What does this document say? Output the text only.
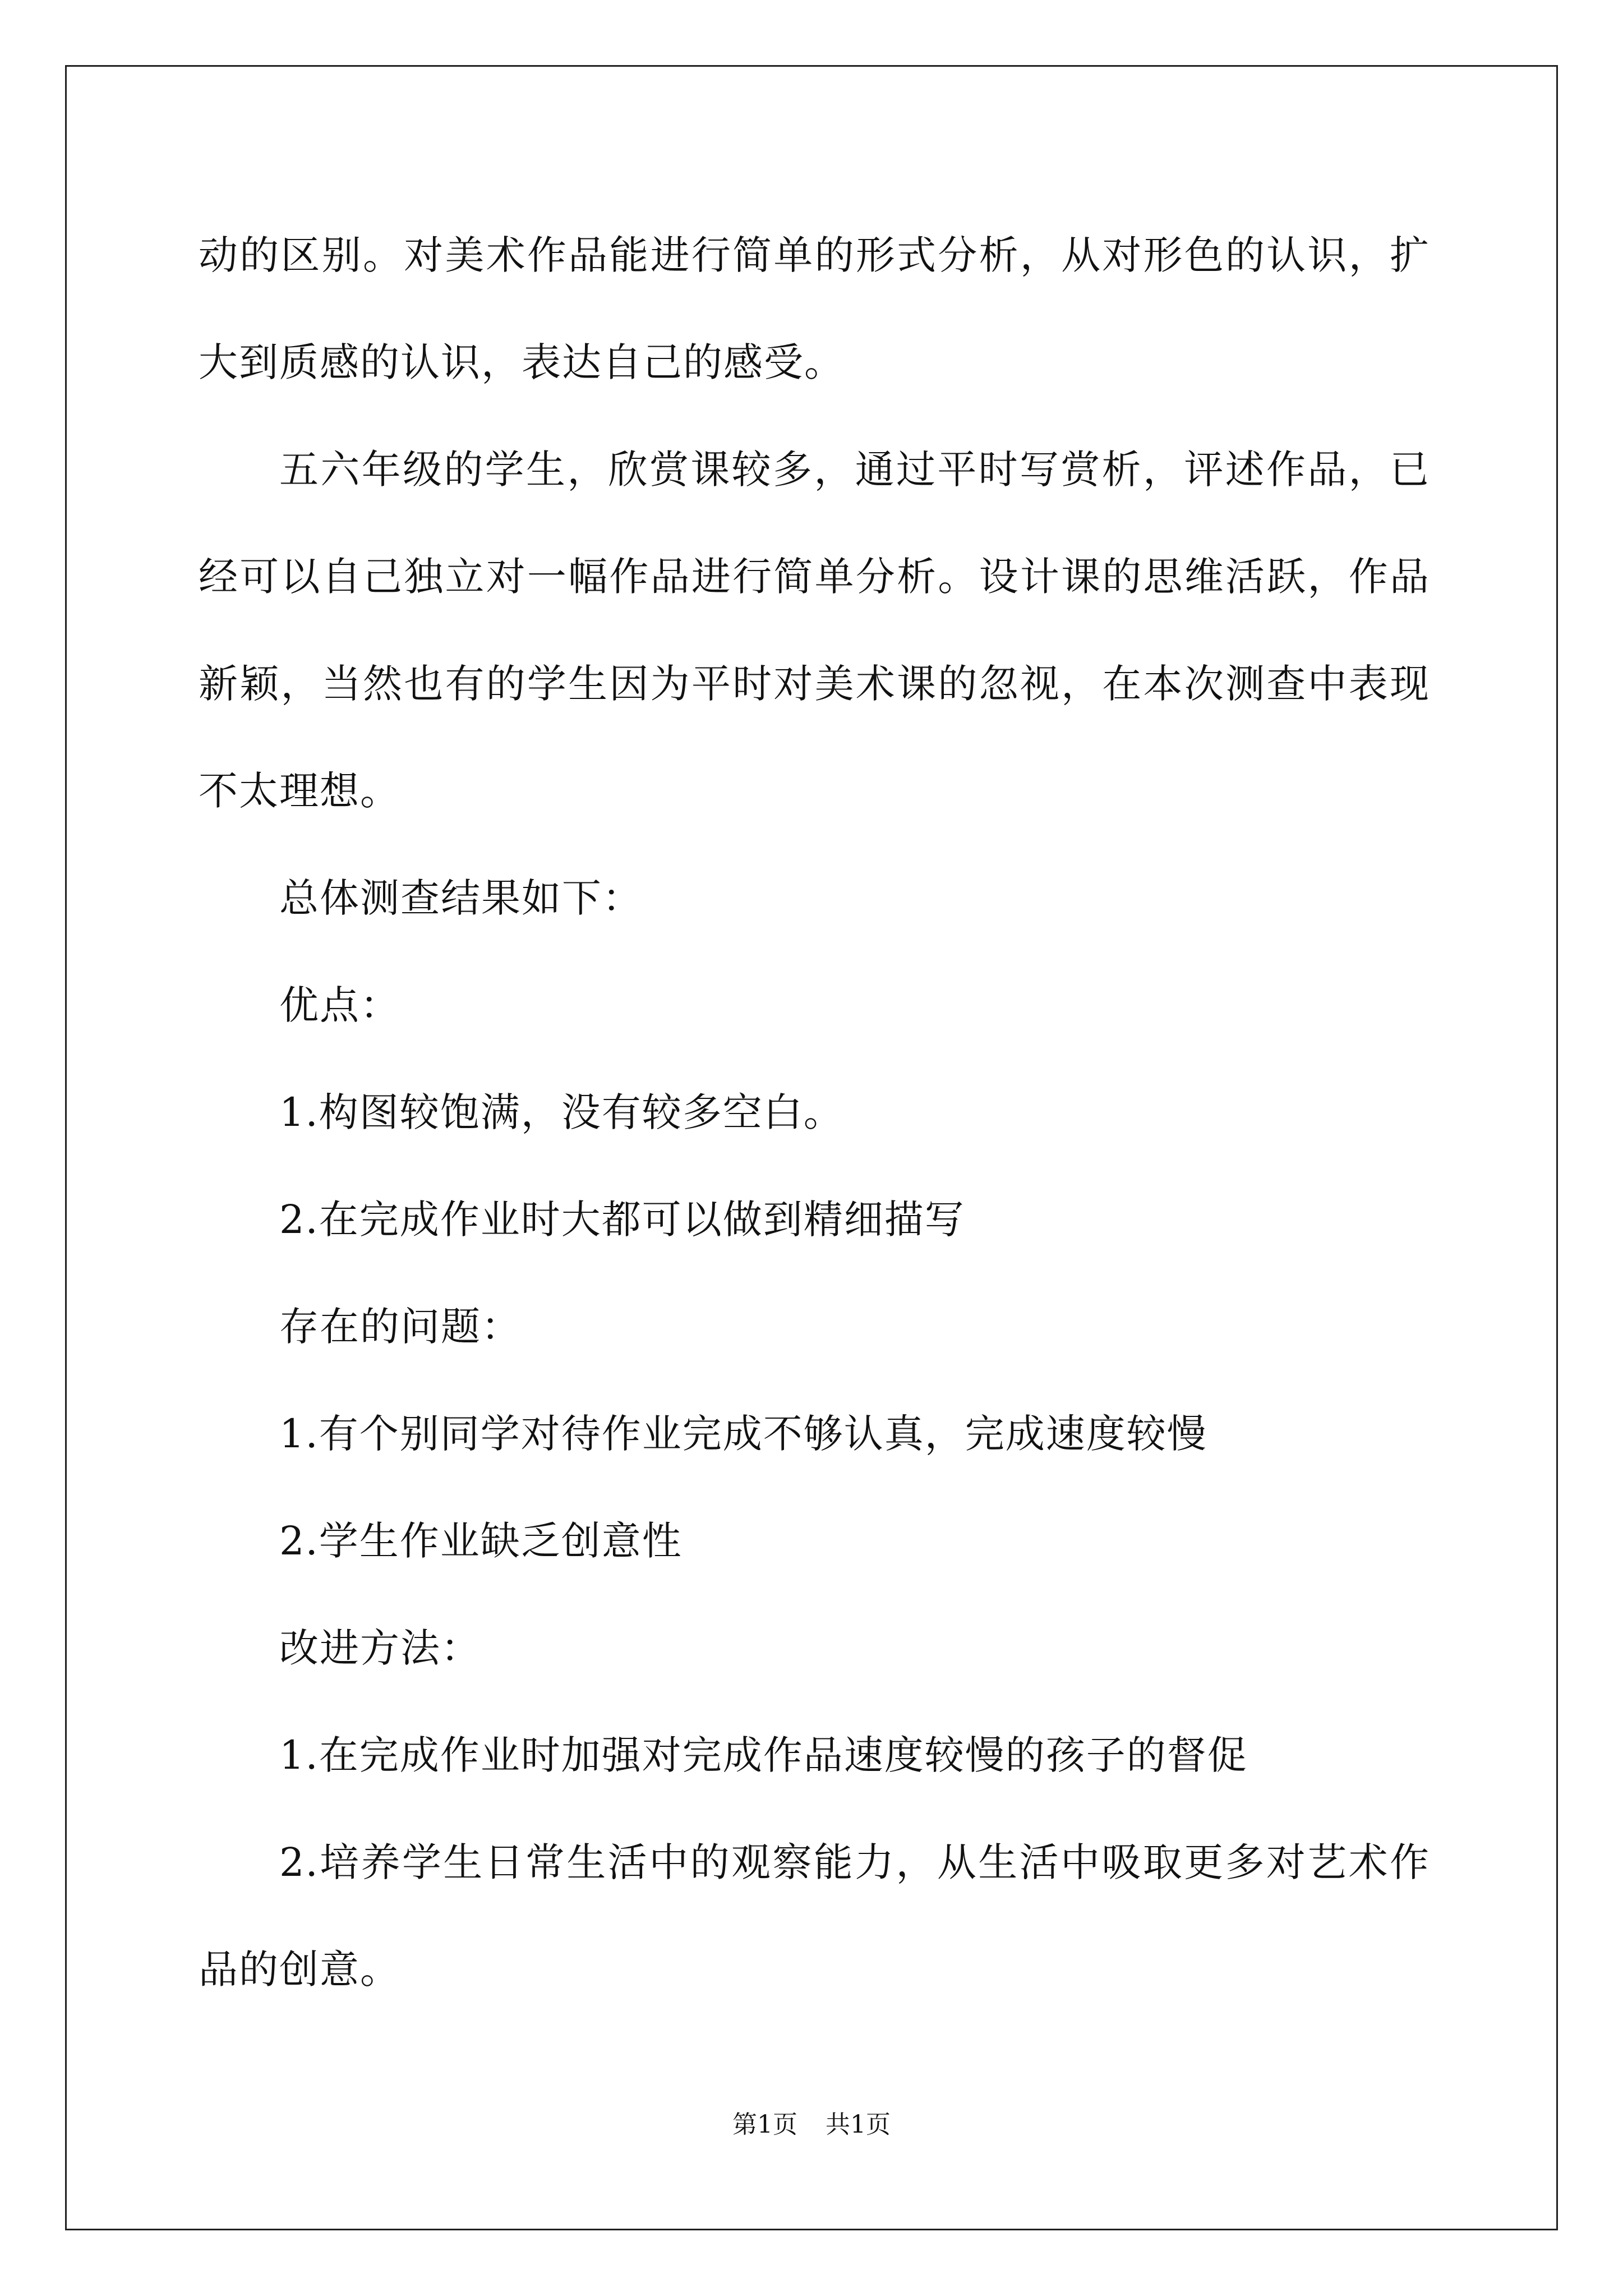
动的区别。对美术作品能进行简单的形式分析，从对形色的认识，扩大到质感的认识，表达自己的感受。

五六年级的学生，欣赏课较多，通过平时写赏析，评述作品，已经可以自己独立对一幅作品进行简单分析。设计课的思维活跃，作品新颖，当然也有的学生因为平时对美术课的忽视，在本次测查中表现不太理想。

总体测查结果如下：

优点：

1.构图较饱满，没有较多空白。

2.在完成作业时大都可以做到精细描写

存在的问题：

1.有个别同学对待作业完成不够认真，完成速度较慢

2.学生作业缺乏创意性

改进方法：

1.在完成作业时加强对完成作品速度较慢的孩子的督促

2.培养学生日常生活中的观察能力，从生活中吸取更多对艺术作品的创意。

第1页 共1页
